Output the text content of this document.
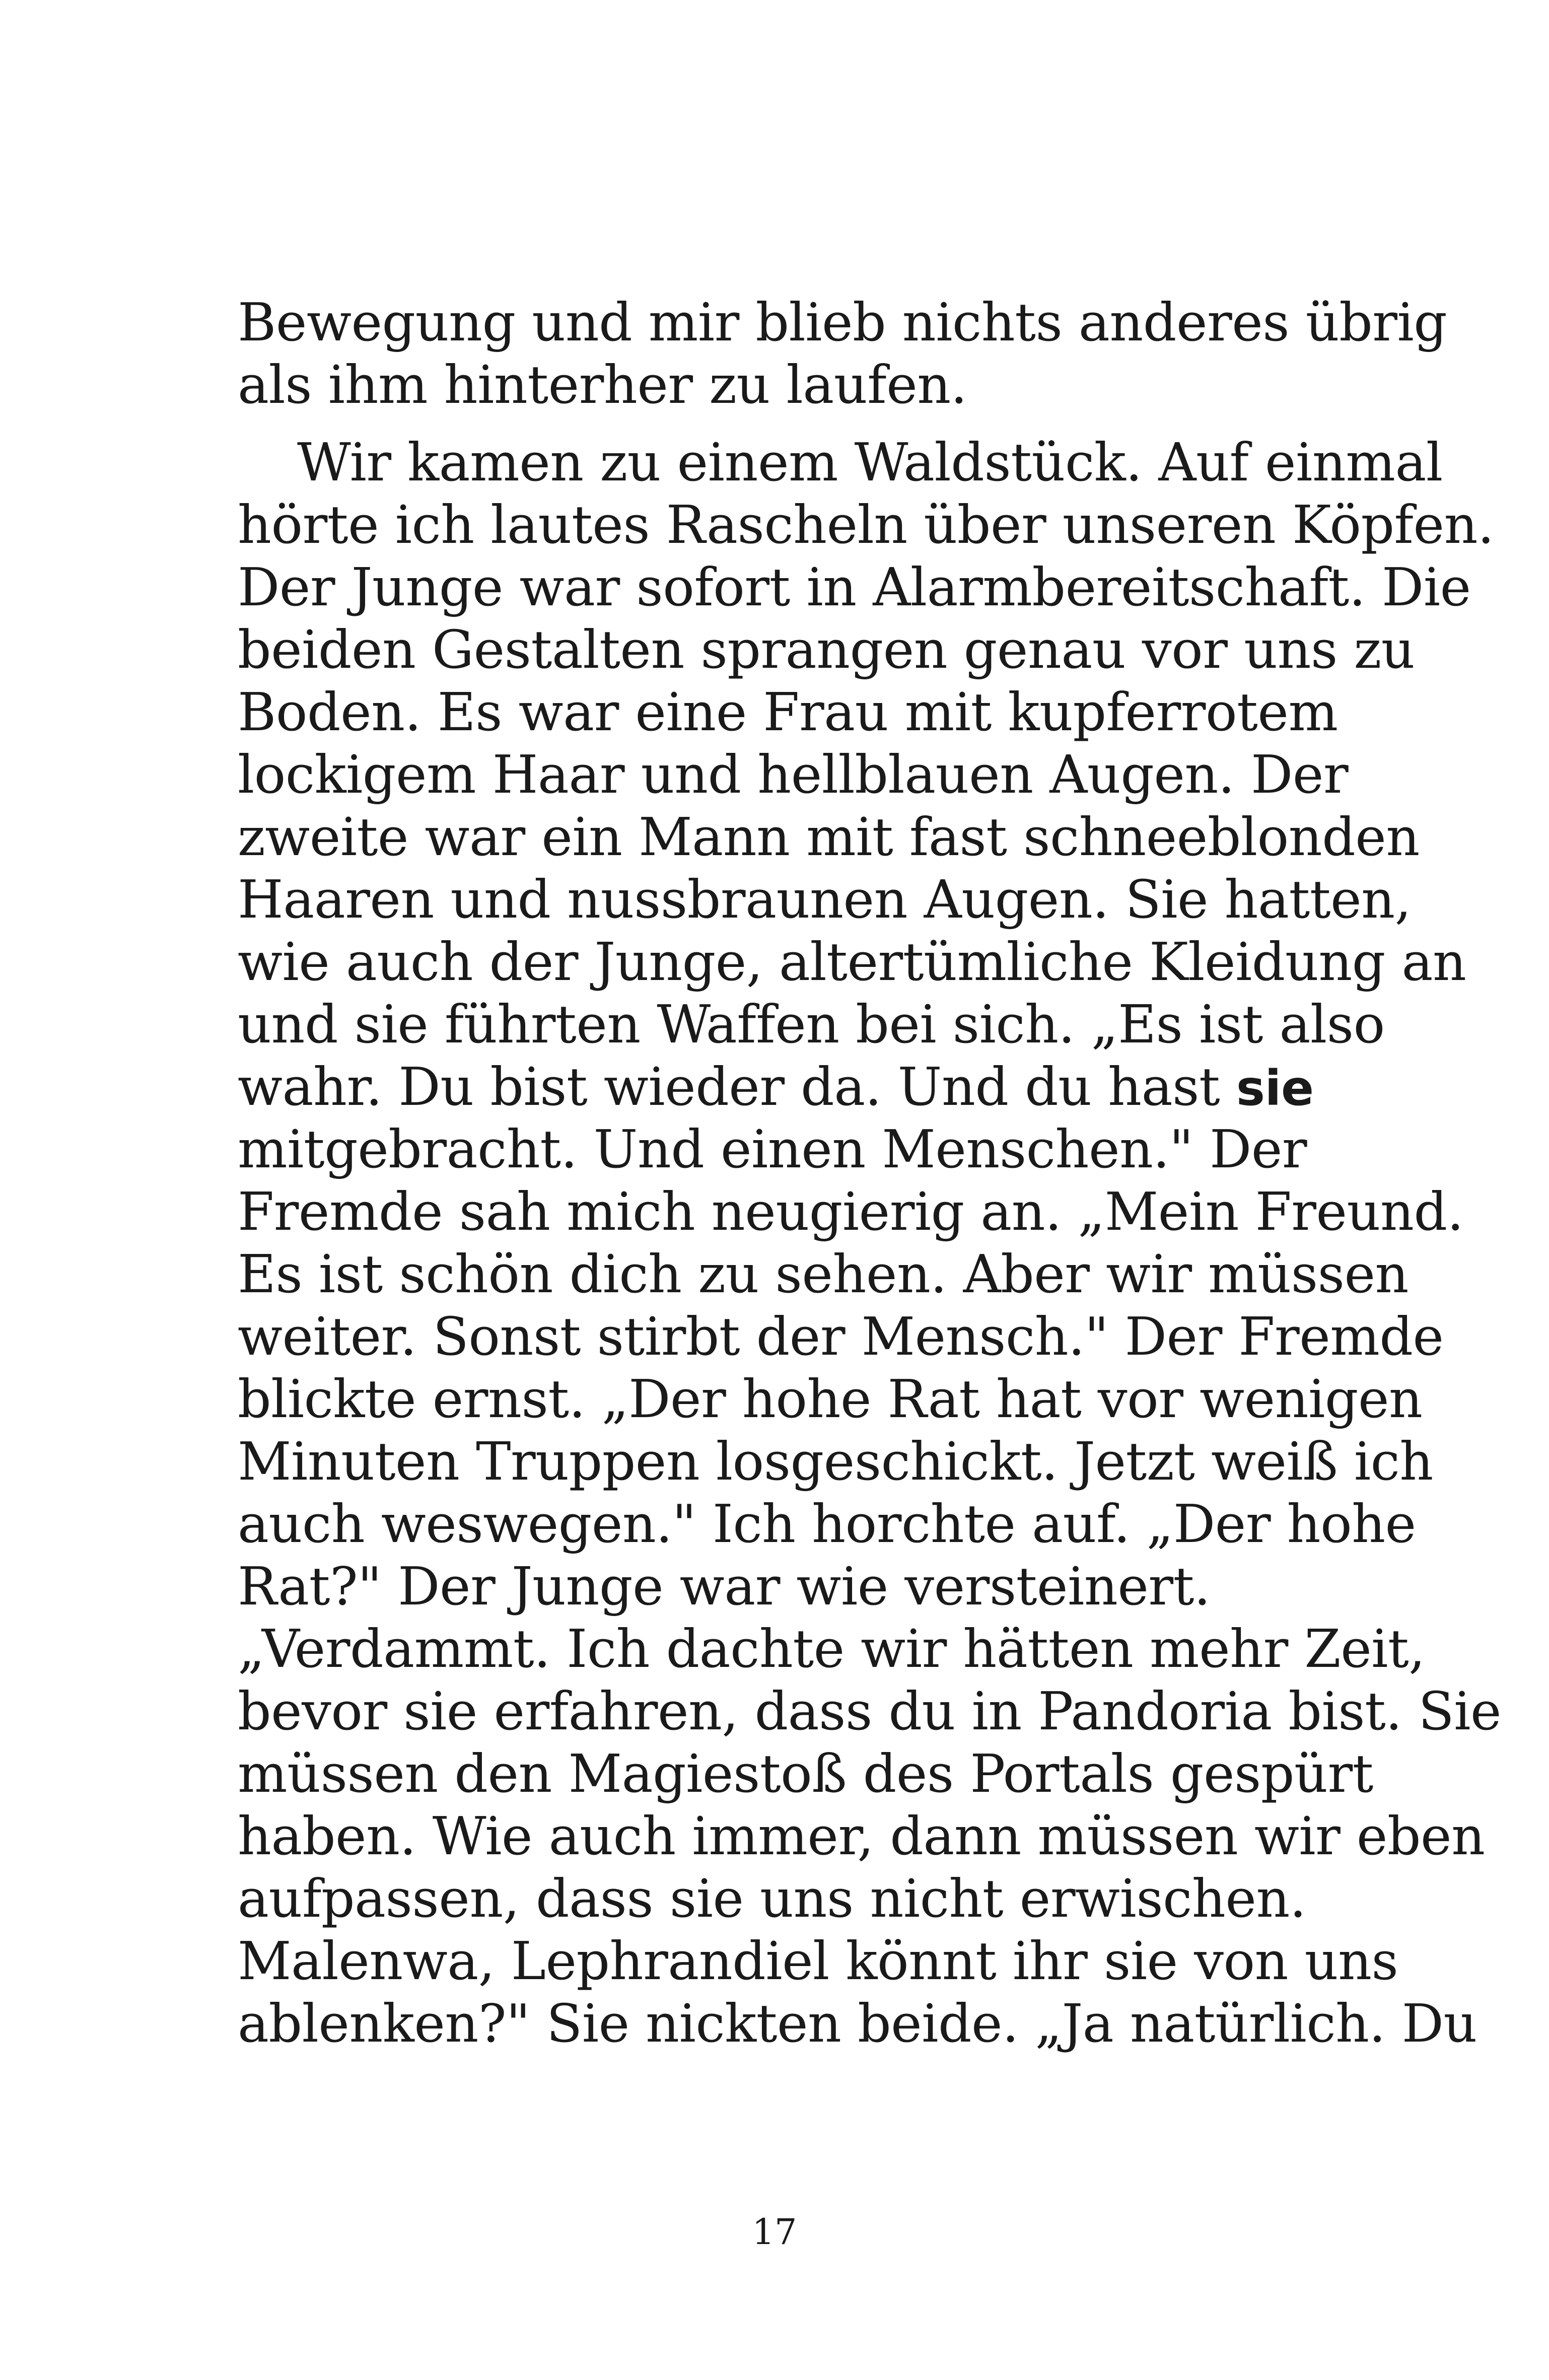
Bewegung und mir blieb nichts anderes übrig
als ihm hinterher zu laufen.
Wir kamen zu einem Waldstück. Auf einmal
hörte ich lautes Rascheln über unseren Köpfen.
Der Junge war sofort in Alarmbereitschaft. Die
beiden Gestalten sprangen genau vor uns zu
Boden. Es war eine Frau mit kupferrotem
lockigem Haar und hellblauen Augen. Der
zweite war ein Mann mit fast schneeblonden
Haaren und nussbraunen Augen. Sie hatten,
wie auch der Junge, altertümliche Kleidung an
und sie führten Waffen bei sich. „Es ist also
wahr. Du bist wieder da. Und du hast sie
mitgebracht. Und einen Menschen." Der
Fremde sah mich neugierig an. „Mein Freund.
Es ist schön dich zu sehen. Aber wir müssen
weiter. Sonst stirbt der Mensch." Der Fremde
blickte ernst. „Der hohe Rat hat vor wenigen
Minuten Truppen losgeschickt. Jetzt weiß ich
auch weswegen." Ich horchte auf. „Der hohe
Rat?" Der Junge war wie versteinert.
„Verdammt. Ich dachte wir hätten mehr Zeit,
bevor sie erfahren, dass du in Pandoria bist. Sie
müssen den Magiestoß des Portals gespürt
haben. Wie auch immer, dann müssen wir eben
aufpassen, dass sie uns nicht erwischen.
Malenwa, Lephrandiel könnt ihr sie von uns
ablenken?" Sie nickten beide. „Ja natürlich. Du
17
